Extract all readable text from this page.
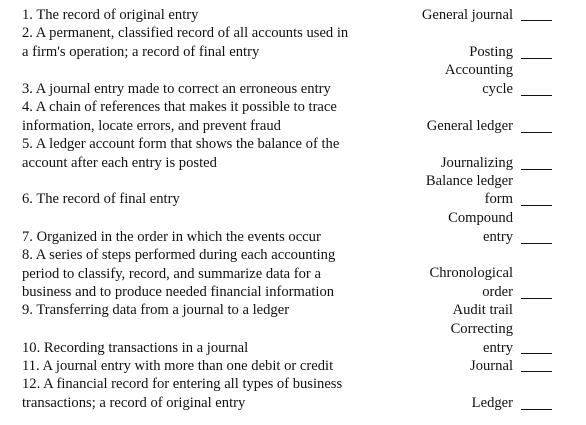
1. The record of original entry
2. A permanent, classified record of all accounts used in
a firm's operation; a record of final entry
3. A journal entry made to correct an erroneous entry
4. A chain of references that makes it possible to trace
information, locate errors, and prevent fraud
5. A ledger account form that shows the balance of the
account after each entry is posted
6. The record of final entry
7. Organized in the order in which the events occur
8. A series of steps performed during each accounting
period to classify, record, and summarize data for a
business and to produce needed financial information
9. Transferring data from a journal to a ledger
10. Recording transactions in a journal
11. A journal entry with more than one debit or credit
12. A financial record for entering all types of business
transactions; a record of original entry
General journal
Posting
Accounting
cycle
General ledger
Journalizing
Balance ledger
form
Compound
entry
Chronological
order
Audit trail
Correcting
entry
Journal
Ledger
